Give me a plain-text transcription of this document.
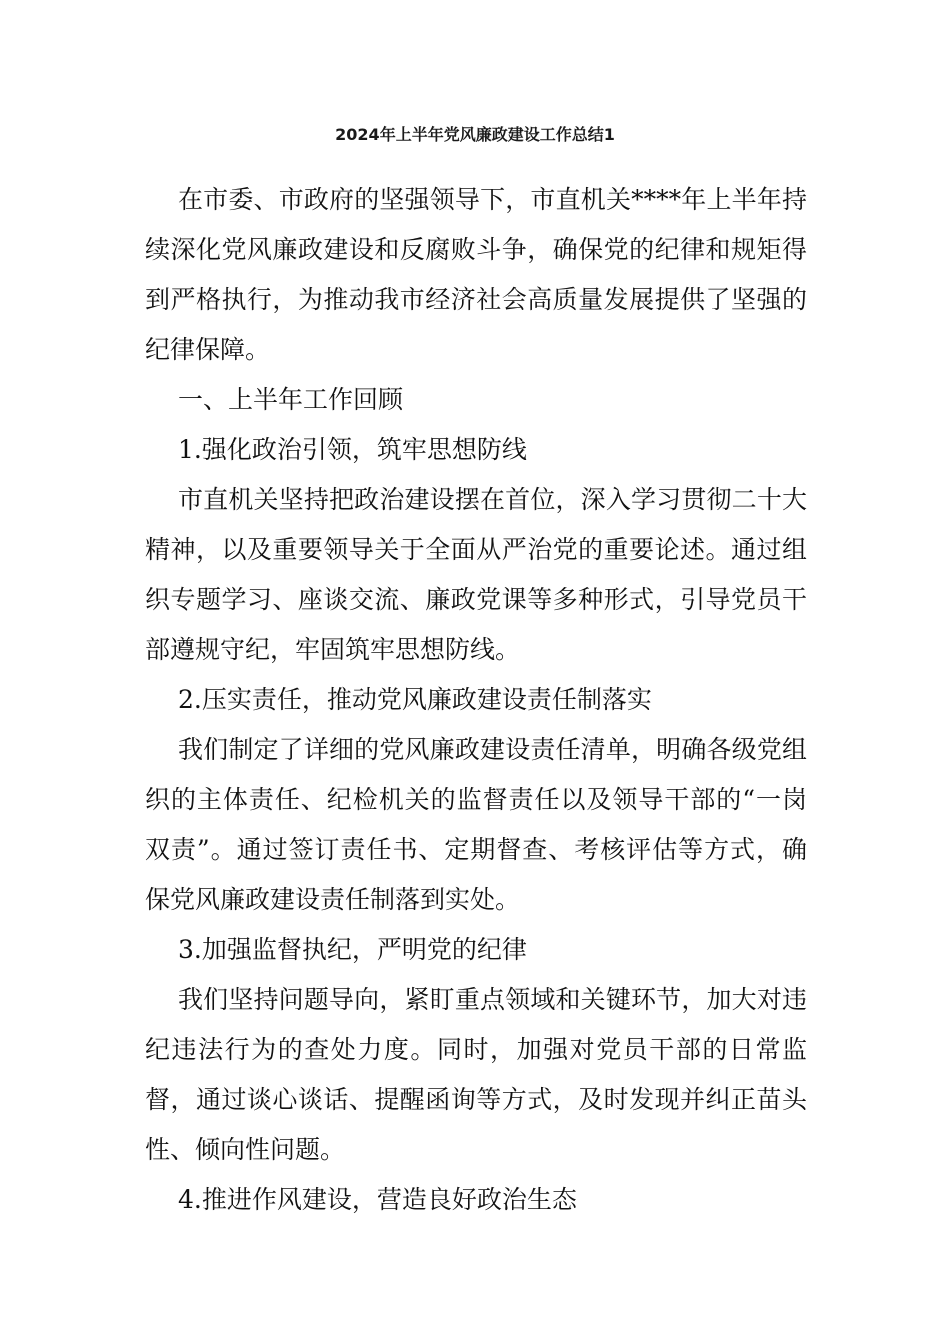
2024年上半年党风廉政建设工作总结1

在市委、市政府的坚强领导下，市直机关****年上半年持续深化党风廉政建设和反腐败斗争，确保党的纪律和规矩得到严格执行，为推动我市经济社会高质量发展提供了坚强的纪律保障。

一、上半年工作回顾

1.强化政治引领，筑牢思想防线

市直机关坚持把政治建设摆在首位，深入学习贯彻二十大精神，以及重要领导关于全面从严治党的重要论述。通过组织专题学习、座谈交流、廉政党课等多种形式，引导党员干部遵规守纪，牢固筑牢思想防线。

2.压实责任，推动党风廉政建设责任制落实

我们制定了详细的党风廉政建设责任清单，明确各级党组织的主体责任、纪检机关的监督责任以及领导干部的“一岗双责”。通过签订责任书、定期督查、考核评估等方式，确保党风廉政建设责任制落到实处。

3.加强监督执纪，严明党的纪律

我们坚持问题导向，紧盯重点领域和关键环节，加大对违纪违法行为的查处力度。同时，加强对党员干部的日常监督，通过谈心谈话、提醒函询等方式，及时发现并纠正苗头性、倾向性问题。

4.推进作风建设，营造良好政治生态
